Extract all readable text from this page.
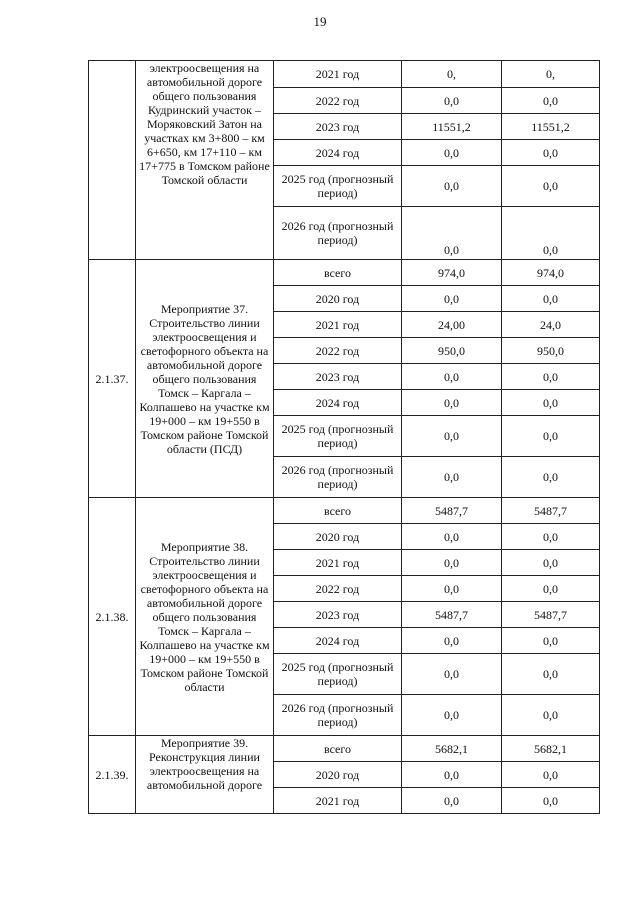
19
	электроосвещения на автомобильной дороге общего пользования Кудринский участок – Моряковский Затон на участках км 3+800 – км 6+650, км 17+110 – км 17+775 в Томском районе Томской области	2021 год	0,	0,
		2022 год	0,0	0,0
		2023 год	11551,2	11551,2
		2024 год	0,0	0,0
		2025 год (прогнозный период)	0,0	0,0
		2026 год (прогнозный период)	0,0	0,0
2.1.37.	Мероприятие 37. Строительство линии электроосвещения и светофорного объекта на автомобильной дороге общего пользования Томск – Каргала – Колпашево на участке км 19+000 – км 19+550 в Томском районе Томской области (ПСД)	всего	974,0	974,0
		2020 год	0,0	0,0
		2021 год	24,00	24,0
		2022 год	950,0	950,0
		2023 год	0,0	0,0
		2024 год	0,0	0,0
		2025 год (прогнозный период)	0,0	0,0
		2026 год (прогнозный период)	0,0	0,0
2.1.38.	Мероприятие 38. Строительство линии электроосвещения и светофорного объекта на автомобильной дороге общего пользования Томск – Каргала – Колпашево на участке км 19+000 – км 19+550 в Томском районе Томской области	всего	5487,7	5487,7
		2020 год	0,0	0,0
		2021 год	0,0	0,0
		2022 год	0,0	0,0
		2023 год	5487,7	5487,7
		2024 год	0,0	0,0
		2025 год (прогнозный период)	0,0	0,0
		2026 год (прогнозный период)	0,0	0,0
2.1.39.	Мероприятие 39. Реконструкция линии электроосвещения на автомобильной дороге	всего	5682,1	5682,1
		2020 год	0,0	0,0
		2021 год	0,0	0,0
